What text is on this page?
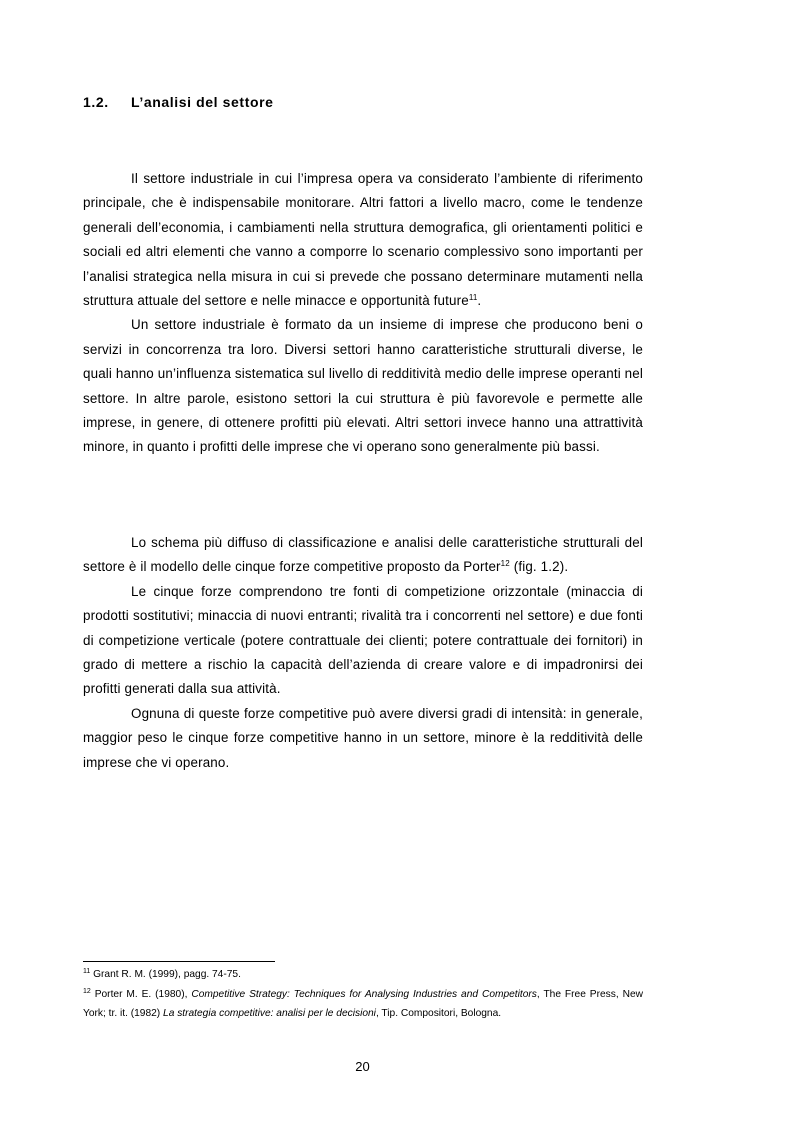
1.2. L’analisi del settore

Il settore industriale in cui l’impresa opera va considerato l’ambiente di riferimento principale, che è indispensabile monitorare. Altri fattori a livello macro, come le tendenze generali dell’economia, i cambiamenti nella struttura demografica, gli orientamenti politici e sociali ed altri elementi che vanno a comporre lo scenario complessivo sono importanti per l’analisi strategica nella misura in cui si prevede che possano determinare mutamenti nella struttura attuale del settore e nelle minacce e opportunità future$^{11}$.

Un settore industriale è formato da un insieme di imprese che producono beni o servizi in concorrenza tra loro. Diversi settori hanno caratteristiche strutturali diverse, le quali hanno un’influenza sistematica sul livello di redditività medio delle imprese operanti nel settore. In altre parole, esistono settori la cui struttura è più favorevole e permette alle imprese, in genere, di ottenere profitti più elevati. Altri settori invece hanno una attrattività minore, in quanto i profitti delle imprese che vi operano sono generalmente più bassi.

Lo schema più diffuso di classificazione e analisi delle caratteristiche strutturali del settore è il modello delle cinque forze competitive proposto da Porter$^{12}$ (fig. 1.2).

Le cinque forze comprendono tre fonti di competizione orizzontale (minaccia di prodotti sostitutivi; minaccia di nuovi entranti; rivalità tra i concorrenti nel settore) e due fonti di competizione verticale (potere contrattuale dei clienti; potere contrattuale dei fornitori) in grado di mettere a rischio la capacità dell’azienda di creare valore e di impadronirsi dei profitti generati dalla sua attività.

Ognuna di queste forze competitive può avere diversi gradi di intensità: in generale, maggior peso le cinque forze competitive hanno in un settore, minore è la redditività delle imprese che vi operano.

$^{11}$ Grant R. M. (1999), pagg. 74-75.

$^{12}$ Porter M. E. (1980), Competitive Strategy: Techniques for Analysing Industries and Competitors, The Free Press, New York; tr. it. (1982) La strategia competitive: analisi per le decisioni, Tip. Compositori, Bologna.

20
